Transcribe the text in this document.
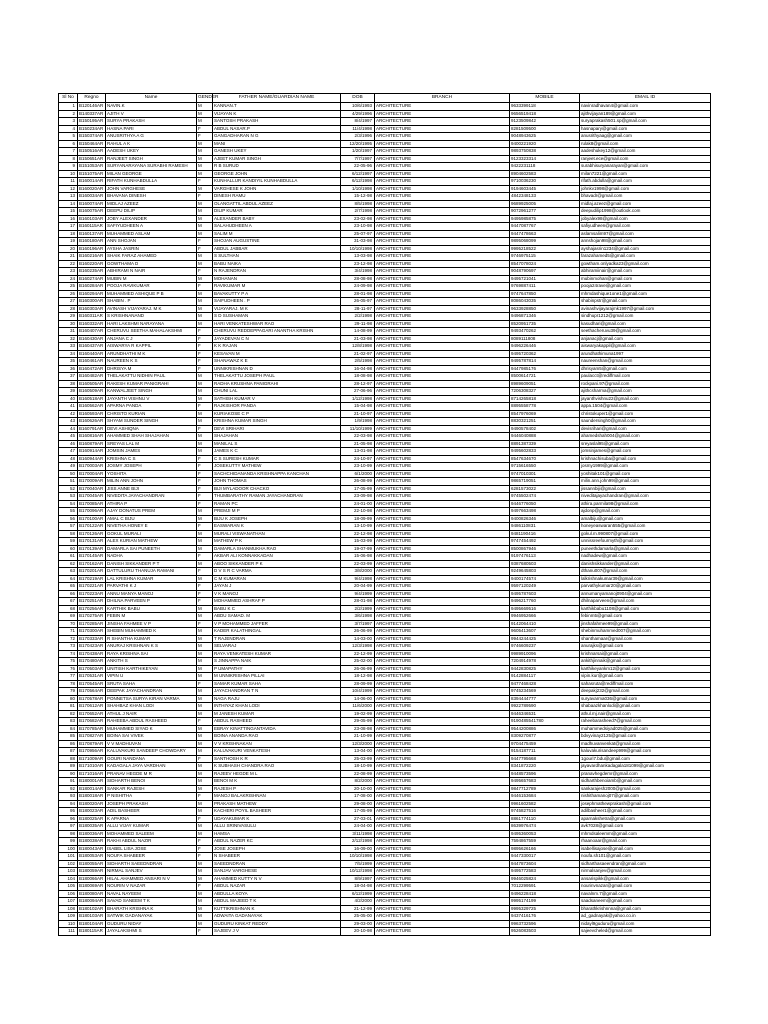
Sl No	Regno	Name	GENDER	FATHER NAME/GUARDIAN NAME	DOB	BRANCH	MOBILE	EMAIL ID
1	B120146AR	NAVIN.K	M	KANNAN.T	10/6/1993	ARCHITECTURE	9633399118	navinradhavan4@gmail.com
2	B140337AR	AJITH V	M	VIJAYAN K	4/29/1996	ARCHITECTURE	9656519418	ajithvijayan189@gmail.com
3	B150195AR	SURYA PRAKASH	M	SANTOSH PRAKASH	8/4/1997	ARCHITECTURE	9123509842	suryaprakash501.sp@gmail.com
4	B150234AR	HASNA PARI	F	ABDUL NASAR.P	11/4/1998	ARCHITECTURE	8281509500	hasnapary@gmail.com
5	B150374AR	ANUSRITHYA A G	F	GANGADHARAN N G	2/3/1996	ARCHITECTURE	9048943625	anusrithyaag@gmail.com
6	B150464AR	RAHUL A K	M	MANI	12/20/1995	ARCHITECTURE	9400221920	rulak8@gmail.com
7	B150516AR	AADESH UKEY	M	GANESH UKEY	1/20/1997	ARCHITECTURE	9893750838	aadeshukey12@gmail.com
8	B150651AR	RANJEET SINGH	M	AJEET KUMAR SINGH	7/7/1997	ARCHITECTURE	9123323314	ranjeet.ece@gmail.com
9	B151053AR	SURYANARAYANA SURABHI RAMESH	M	R B SURUD	22-05-96	ARCHITECTURE	9422231118	surabhisuryanarayan@gmail.com
10	B151075AR	MILAN GEORGE	M	GEORGE JOHN	6/12/1997	ARCHITECTURE	8904602583	milan7221@gmail.com
11	B160014AR	RIFATH KUNHABDULLA	F	KUNHALLUR KANDIYIL KUNHABDULLA	6/12/1998	ARCHITECTURE	9710036230	rifath.abdulla@gmail.com
12	B160020AR	JOHN VARGHESE	M	VARGHESE K JOHN	1/10/1998	ARCHITECTURE	9194603445	johnkv1998@gmail.com
13	B160034AR	BHAVANA DINESH	F	DINESH RAMU	15-12-98	ARCHITECTURE	4842348133	bhavadr@gmail.com
14	B160074AR	MIDLAJ AZEEZ	M	OLANGATTIL ABDUL AZEEZ	8/5/1998	ARCHITECTURE	9689925005	midlaj.azeez@gmail.com
15	B160075AR	DEEPU DILIP	M	DILIP KUMAR	2/7/1998	ARCHITECTURE	9072961277	deepudilip1998@outlook.com
16	B160103AR	JOBY ALEXANDER	M	ALEXANDER BABY	23-02-98	ARCHITECTURE	9495985875	jobyalex98@gmail.com
17	B160115AR	SAFIYUDHEEN A	M	SALAHUDHEEN A	23-10-98	ARCHITECTURE	9447087767	safiyudheen@gmail.com
18	B160137AR	MUHAMMED ASLAM	M	SALIM M	25-07-97	ARCHITECTURE	9447478663	aslamsalim97@gmail.com
19	B160180AR	ANN SHOJAN	F	SHOJAN AUGUSTINE	31-03-98	ARCHITECTURE	9895068099	annshojan98@gmail.com
20	B160196AR	AYSHA JASRIN	F	ABDUL JABBAR	10/10/1998	ARCHITECTURE	9995218522	ayshajasrin1234@gmail.com
21	B160216AR	SHAIK FARAZ AHAMED	M	S SULTHAN	13-03-98	ARCHITECTURE	9746975115	farazahamed5@gmail.com
22	B160220AR	GOWTHAMA D	M	BABU NAIKA	23-12-98	ARCHITECTURE	8547078024	gowtham.onlyadka23@gmail.com
23	B160235AR	ABHIRAMI N NAIR	F	N RAJENDRAN	3/4/1998	ARCHITECTURE	9048790697	abhiramiinair@gmail.com
24	B160274AR	MUBIN M	M	MOHANAN	28-08-98	ARCHITECTURE	9495721041	mubinmohan@gmail.com
25	B160284AR	POOJA RAVIKUMAR	F	RAVIKUMAR M	24-09-98	ARCHITECTURE	9769887411	pooja24rave@gmail.com
26	B160294AR	MUHAMMED ASHIQUE P B	M	BAVAKUTTY P A	28-01-98	ARCHITECTURE	9747647850	mhmdashique1one1@gmail.com
27	B160300AR	SHABIN . P	M	SAIFUDHEEN . P	26-05-97	ARCHITECTURE	8086043035	shabinpstr@gmail.com
28	B160303AR	AVINASH VIJAYARAJ. M K	M	VIJAYARAJ. M K	28-11-97	ARCHITECTURE	9633928850	avinashvijayarajmk1997@gmail.com
29	B160311AR	S KRISHNANAND	M	S D SUSHAMAN	2/2/1998	ARCHITECTURE	9496871346	sindhupr1212@gmail.com
30	B160332AR	HARI LAKSHMI NARAYANA	M	HARI VENKATESHWAR RAO	29-11-98	ARCHITECTURE	8520951735	kasudhari@gmail.com
31	B160407AR	CHERUVU SEETHA MAHALAKSHMI	F	CHERUVU REDDEPPAGARI ANANTHA KRISHN	14-08-99	ARCHITECTURE	9493470262	seethacheruvu39@gmail.com
32	B160430AR	ANJANA C J	F	JAYADEVAN C N	21-03-98	ARCHITECTURE	8089111808	anjanacj@gmail.com
33	B160437AR	AISWARYA R KAPPIL	F	K K RAJAN	12/8/1998	ARCHITECTURE	9496226446	aiswaryakappil@gmail.com
34	B160440AR	ARUNDHATHI M K	F	KESAVAN M	21-02-97	ARCHITECTURE	9495720362	arundhathimuna1997
35	B160461AR	NAUREEN K S	F	SHANAWAZ K E	2/5/1998	ARCHITECTURE	9495787814	naureenshan@gmail.com
36	B160472AR	DHRISYA M	F	UNNIKRISHNAN D	16-04-98	ARCHITECTURE	9447985176	dhrisyam5@gmail.com
37	B160482AR	THELAKATTU NIDHIN PAUL	M	THELAKATTU JOSEPH PAUL	18-08-98	ARCHITECTURE	8500614721	paulacct@rediffmail.com
38	B160505AR	RAKESH KUMAR PANIGRAHI	M	RADHA KRUSHNA PANIGRAHI	28-12-97	ARCHITECTURE	8989609051	rockpani.97@gmail.com
39	B160509AR	KANWALJEET SINGH	M	CHUNI LAL	27-06-96	ARCHITECTURE	7206308327	ajithcsharma@gmail.com
40	B160518AR	JAYANTH VISHNU V	M	SATHISH KUMAR V	1/12/1998	ARCHITECTURE	8714265818	jayanthvishnu22@gmail.com
41	B160562AR	APARNA PANDA	F	RAJKISHOR PANDA	15-04-98	ARCHITECTURE	8895558778	appa.1504@gmail.com
42	B160593AR	CHRISTO KURIAN	M	KURIAKOSE C P	21-10-97	ARCHITECTURE	8547976069	christokuper1@gmail.com
43	B160626AR	SHYAM SUNDER SINGH	M	KRISHNA KUMAR SINGH	1/9/1998	ARCHITECTURE	8830321251	saundersingh0@gmail.com
44	B160791AR	DEVI ASHIQNA	F	DEVI SRIHARI	11/10/1999	ARCHITECTURE	9490578402	devisrihari@gmail.com
45	B160816AR	AHAMMED SHAH SHAJAHAN	M	SHAJAHAN	22-03-98	ARCHITECTURE	9446040888	ahamedshah004@gmail.com
46	B160879AR	SREYAS LAL M	M	MANILAL S	21-05-98	ARCHITECTURE	8891387339	sreyaslal95@gmail.com
47	B160914AR	JOMSIN JAMES	M	JAMES K C	13-01-98	ARCHITECTURE	9495602833	jomsinjames@gmail.com
48	B160944AR	KRISHNA C S	F	C S SURESH KUMAR	24-10-97	ARCHITECTURE	8547634670	krishnachisuba@gmail.com
49	B170003AR	JOSMY JOSEPH	F	JOSEKUTTY MATHEW	23-10-99	ARCHITECTURE	9715616550	josmy1999@gmail.com
50	B170004AR	YOSHITA	F	SACHCHIDANANDA KRISHNAPPA KANCHAN	6/1/2000	ARCHITECTURE	9747010301	yoshitak101@gmail.com
51	B170009AR	MILIN ANN JOHN	F	JOHN THOMAS	26-08-99	ARCHITECTURE	9865719051	milin.ann.john99@gmail.com
52	B170040AR	JISS ANNE BIJI	F	BIJI MYLADOOR CHACKO	17-05-99	ARCHITECTURE	6281573022	jissannbiji@gmail.com
53	B170045AR	NIVEDITA JAYACHANDRAN	F	THUMBARATHY RAMAN JAYACHANDRAN	23-09-98	ARCHITECTURE	9745502474	niveditajayachandran@gmail.com
54	B170085AR	ATHIRA P	F	RAMAN PC	24-01-00	ARCHITECTURE	9446776050	athira.parmila98@gmail.com
55	B170096AR	AJAY DONATUS PREM	M	PREMJI M P	22-10-98	ARCHITECTURE	9497663498	ajdonp@gmail.com
56	B170100AR	AMAL C BIJU	M	BIJU K JOSEPH	18-09-99	ARCHITECTURE	9400826346	amalbiju@gmail.com
57	B170122AR	NIVETHA HONEY E	F	EASWARAN K	13-10-99	ARCHITECTURE	9486110831	honeyeaswaran555@gmail.com
58	B170126AR	GOKUL MURALI	M	MURALI VISWANATHAN	22-12-98	ARCHITECTURE	9481190416	gokul.m.990807@gmail.com
59	B170131AR	ALEX KURIAN MATHEW	M	MATHEW P K	15-03-99	ARCHITECTURE	9747454492	unnissreefourmyth@gmail.com
60	B170139AR	DAMARLA SAI PUNEETH	M	DAMARLA SHANMUKHA RAO	19-07-99	ARCHITECTURE	8500867946	puneethdamarla@gmail.com
61	B170145AR	NADHA	F	AKBAR ALI KONNAKKADAN	15-06-98	ARCHITECTURE	9197476113	nadhadew@gmail.com
62	B170162AR	DANISH SIKKANDER P T	M	ABOO SIKKANDER P K	22-03-99	ARCHITECTURE	9387680503	danishsikkander@gmail.com
63	B170201AR	DATTULURU THANUJA RAMANI	F	D V S R C VARMA	3/8/2000	ARCHITECTURE	9249645803	dthanu007@gmail.com
64	B170219AR	LAL KRISHNA KUMAR	M	C M KUMARAN	9/4/1998	ARCHITECTURE	9400174574	lalkrishnakumar39@gmail.com
65	B170221AR	PARVATHI K J	F	JAYAN J	20-04-99	ARCHITECTURE	9597120249	parvathykumar20@gmail.com
66	B170223AR	ANNU MANYA MANOJ	F	V K MANOJ	9/4/1999	ARCHITECTURE	9495787603	annumanyamanoj0904@gmail.com
67	B170251AR	DHILNA PARVEEN P	F	MOHAMMED ASHRAF P	28-01-98	ARCHITECTURE	9496217760	dhilnaparveen@gmail.com
68	B170256AR	KARTHIK BABU	M	BABU K C	2/2/1999	ARCHITECTURE	9495669516	karthikbabu1108@gmail.com
69	B170275AR	FEBIN M	M	ABDU SAMAD. M	3/6/1998	ARCHITECTURE	9946952666	febinm5@gmail.com
70	B170285AR	JINSHA FAHMEE V P	F	V P MOHAMMED JAFFER	3/7/1997	ARCHITECTURE	9142064410	jinshafahmee99@gmail.com
71	B170300AR	SHEBIN MUHAMMED K	M	KADER KALATHINGAL	26-06-99	ARCHITECTURE	9605413607	shebinmuhammed007@gmail.com
72	B170333AR	R SHANTHA KUMAR	M	T RAJENDRAN	14-03-00	ARCHITECTURE	9944244425	shanthamaar@gmail.com
73	B170423AR	ANURAJ KRISHNAN K S	M	SELVARAJ	12/3/1998	ARCHITECTURE	9746609237	anurajks@gmail.com
74	B170438AR	RAYA KRISHNA SAI	M	RAYA VENKATESH KUMAR	22-12-99	ARCHITECTURE	9989910096	krishnarsai@gmail.com
75	B170480AR	ANKITH S	M	S JINNAPPA NAIK	25-02-00	ARCHITECTURE	7204914978	ankithjinnaik@gmail.com
76	B170503AR	UNITISH KARTHIKEYAN	M	P UMAPATHY	26-06-99	ARCHITECTURE	9442830825	karthikeyankm12@gmail.com
77	B170531AR	VIPIN U	M	M UNNIKRISHNA PILLAI	18-12-98	ARCHITECTURE	9142884117	vipin.kur@gmail.com
78	B170545AR	SRUTA SAHA	F	SAMAR KUMAR SAHA	28-09-99	ARCHITECTURE	9477468428	sahasruta@rediffmail.com
79	B170564AR	DEEPAK JAYACHANDRAN	M	JAYACHANDRAN T N	10/4/1999	ARCHITECTURE	9745234569	deepakj232@gmail.com
80	B170578AR	PONNETSA SURYA KIRAN VARMA	M	NAGA RAJU	14-06-00	ARCHITECTURE	8394444777	suryavarma036@gmail.com
81	B170612AR	SHAHBAZ KHAN LODI	M	INTHIYAZ KHAN LODI	11/6/2000	ARCHITECTURE	9922789590	shabaazkhanlodi@gmail.com
82	B170652AR	ATHUL J NAIR	M	M JANESH KUMAR	19-02-99	ARCHITECTURE	9446346531	athul.mj.nair@gmail.com
83	B170682AR	RAHEEBA ABDUL RASHEED	F	ABDUL RASHEED	29-05-99	ARCHITECTURE	9190485541780	raheebarasheed7@gmail.com
84	B170785AR	MUHAMMED SIYAD K	M	EBRAY KINATTINGANTAVIDA	23-08-98	ARCHITECTURE	9544200886	muhammedsiyad025@gmail.com
85	B170827AR	BOINA SAI VIVEK	M	BOINA ANANDA RAO	21-10-99	ARCHITECTURE	8309270877	bdvyvinay2125@gmail.com
86	B170879AR	V V MADHUVAN	M	V V KRISHNAKAN	12/3/2000	ARCHITECTURE	9704475459	madhuvanvenkat@gmail.com
87	B170956AR	KALUVAKURI SANDEEP CHOWDARY	M	KALUVAKURI VENKATESH	13-04-00	ARCHITECTURE	9154187711	kaluvakurisandeep999@gmail.com
88	B171009AR	GOURI NANDANA	F	SANTHOSH K R	25-03-99	ARCHITECTURE	9447795668	1gouri7.bdu@gmail.com
89	B171010AR	KADAGALA JAYA VARDHAN	M	K SUBHASH CHANDRA RAO	18-10-99	ARCHITECTURE	8341872220	jayavardhankadagala181099@gmail.com
90	B171016AR	PRANAV HEGDE M R	M	RAJEEV HEGDE M L	22-08-99	ARCHITECTURE	9448573596	pranavhegdemr@gmail.com
91	B180001AR	SIDHARTH BENOI	M	BENOI M K	8/2/2000	ARCHITECTURE	9495657683	sidharthbenoiamb@gmail.com
92	B180014AR	SANKAR RAJESH	M	RAJESH P	20-10-00	ARCHITECTURE	9847712789	sankarajesh2000@gmail.com
93	B180018AR	P NISHITHA	F	MANOJ BALAKRISHNAN	17-08-00	ARCHITECTURE	9446153684	nishithamanoj07@gmail.com
94	B180020AR	JOSEPH PRAKASH	M	PRAKASH MATHEW	29-08-00	ARCHITECTURE	9961602582	josephmathewprakash@gmail.com
95	B180023AR	ADIL BASHEER	M	KACHERI POYIL BASHEER	17-05-99	ARCHITECTURE	9745827516	adilbasheer1@gmail.com
96	B180025AR	K APARNA	F	UDAYAKUMAR K	27-03-01	ARCHITECTURE	8861774110	aparnakshetra@gmail.com
97	B180035AR	ALLU VIJAY KUMAR	M	ALLU SRINIVASULU	24-04-00	ARCHITECTURE	8639976474	avk7028@gmail.com
98	B180036AR	MOHAMMED SALEEM	M	HAMSA	3/11/1998	ARCHITECTURE	9495360053	mhmdsaleemm@gmail.com
99	B180038AR	RAKHI ABDUL NAZIR	F	ABDUL NAZER KC	2/12/1998	ARCHITECTURE	7594867559	rhaanoaar@gmail.com
100	B180043AR	ISABEL LISA JOSE	F	JOSE JOSEPH	16-09-00	ARCHITECTURE	9895626166	isabellisajose@gmail.com
101	B180053AR	NOUFA SHABEER	F	N SHABEER	10/10/1998	ARCHITECTURE	9447330017	noufa.sh101@gmail.com
102	B180055AR	SIDHARTH SAEEDNDRAN	M	SAEEDNDRAN	7/5/1999	ARCHITECTURE	9447873604	sidharthasaeendran@gmail.com
103	B180059AR	NIRMAL SANJEV	M	SANJAV VARGHESE	10/12/1998	ARCHITECTURE	9495772583	nirmalsanjev@gmail.com
104	B180066AR	HILAL AHAMMED ANSARI N V	M	AHAMMED KUTTY N V	8/9/1997	ARCHITECTURE	9946025824	ansarispikk@gmail.com
105	B180069AR	NOURIN V NAZAR	F	ABDUL NAZAR	18-04-98	ARCHITECTURE	7012299591	nourinvnazar@gmail.com
106	B180080AR	NAVAL NAYEEM	M	ABDULLA KOYA	6/12/1999	ARCHITECTURE	9496228418	navalnm.7@gmail.com
107	B180094AR	SAVAD SANEEM T K	M	ABDUL MAJEED T K	4/2/2000	ARCHITECTURE	9995174199	saadsaneem@gmail.com
108	B180102AR	BHARATH KRISHNA K	M	KUTTIKRISHNAN K	21-12-99	ARCHITECTURE	9995329725	bharathkrishnnna@gmail.com
109	B180103AR	SATWIK GADANAYAK	M	ADWAITA GADANAYAK	25-05-00	ARCHITECTURE	9437416176	ad_gadnayak@yahoo.co.in
110	B180104AR	GUDURU NIDAY	M	GUDURU KINKAT REDDY	29-03-00	ARCHITECTURE	9963732596	nidayl9guduru@gmail.com
111	B180115AR	JAYALAKSHMI S	F	SAJEEV J V	20-10-98	ARCHITECTURE	9526083503	sajeevcheled@gmail.com
